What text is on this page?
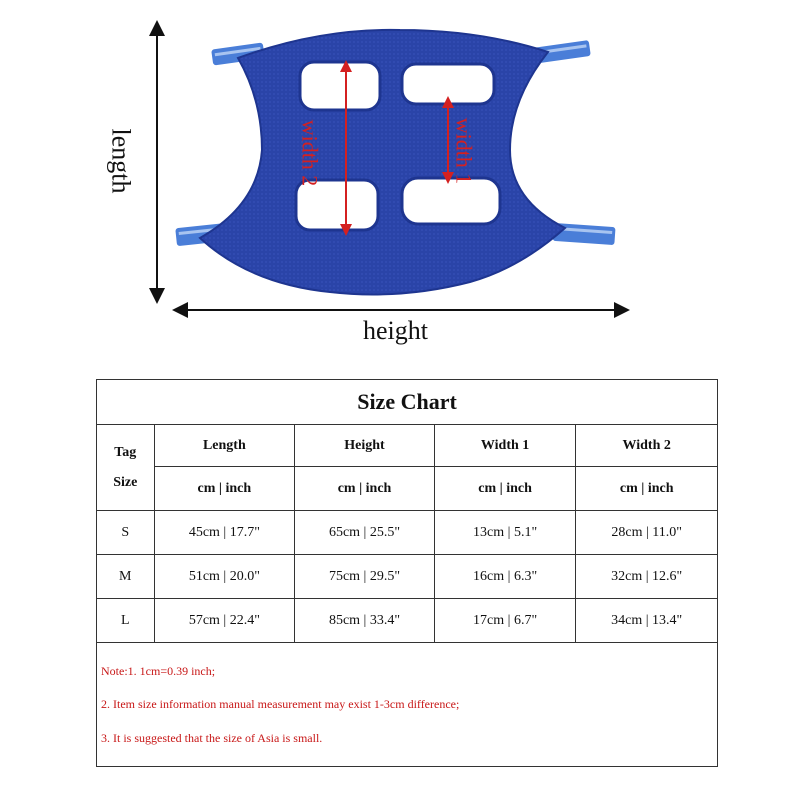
length
height
width 2	width 1
Size Chart				
Tag
Size	Length	Height	Width 1	Width 2
	cm | inch	cm | inch	cm | inch	cm | inch
S	45cm | 17.7"	65cm | 25.5"	13cm | 5.1"	28cm | 11.0"
M	51cm | 20.0"	75cm | 29.5"	16cm | 6.3"	32cm | 12.6"
L	57cm | 22.4"	85cm | 33.4"	17cm | 6.7"	34cm | 13.4"
Note:1. 1cm=0.39 inch;
2. Item size information manual measurement may exist 1-3cm difference;
3. It is suggested that the size of Asia is small.
